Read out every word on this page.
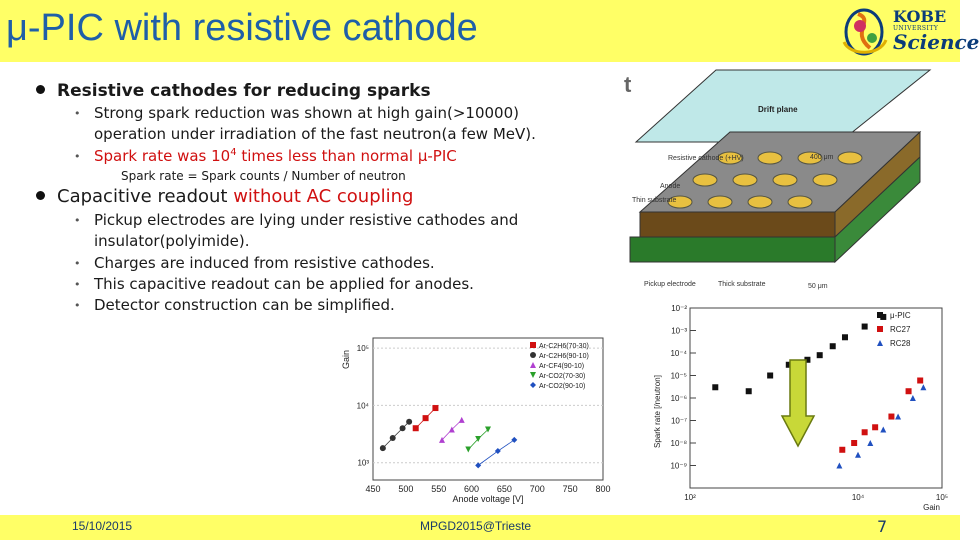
μ-PIC with resistive cathode	KOBE
UNIVERSITY
Science
Resistive cathodes for reducing sparks
• Strong spark reduction was shown at high gain(>10000)
operation under irradiation of the fast neutron(a few MeV).
• Spark rate was $10^4$ times less than normal μ-PIC
Spark rate = Spark counts / Number of neutron
Capacitive readout without AC coupling
• Pickup electrodes are lying under resistive cathodes and
insulator(polyimide).
• Charges are induced from resistive cathodes.
• This capacitive readout can be applied for anodes.
• Detector construction can be simplified.
t
Drift plane
Resistive cathode (+HV)	400 μm
Anode
Thin substrate
Pickup electrode	Thick substrate	50 μm
450 500 550 600 650 700 750 800
10³
10⁴
10⁵
Anode voltage [V]
Gain
Ar-C2H6(70-30)
Ar-C2H6(90-10)
Ar-CF4(90-10)
Ar-CO2(70-30)
Ar-CO2(90-10)
10⁻²
10⁻³
10⁻⁴
10⁻⁵
10⁻⁶
10⁻⁷
10⁻⁸
10⁻⁹
10²	10⁴	10⁵
Gain
Spark rate [/neutron]
μ-PIC
RC27
RC28
15/10/2015	MPGD2015@Trieste	7
